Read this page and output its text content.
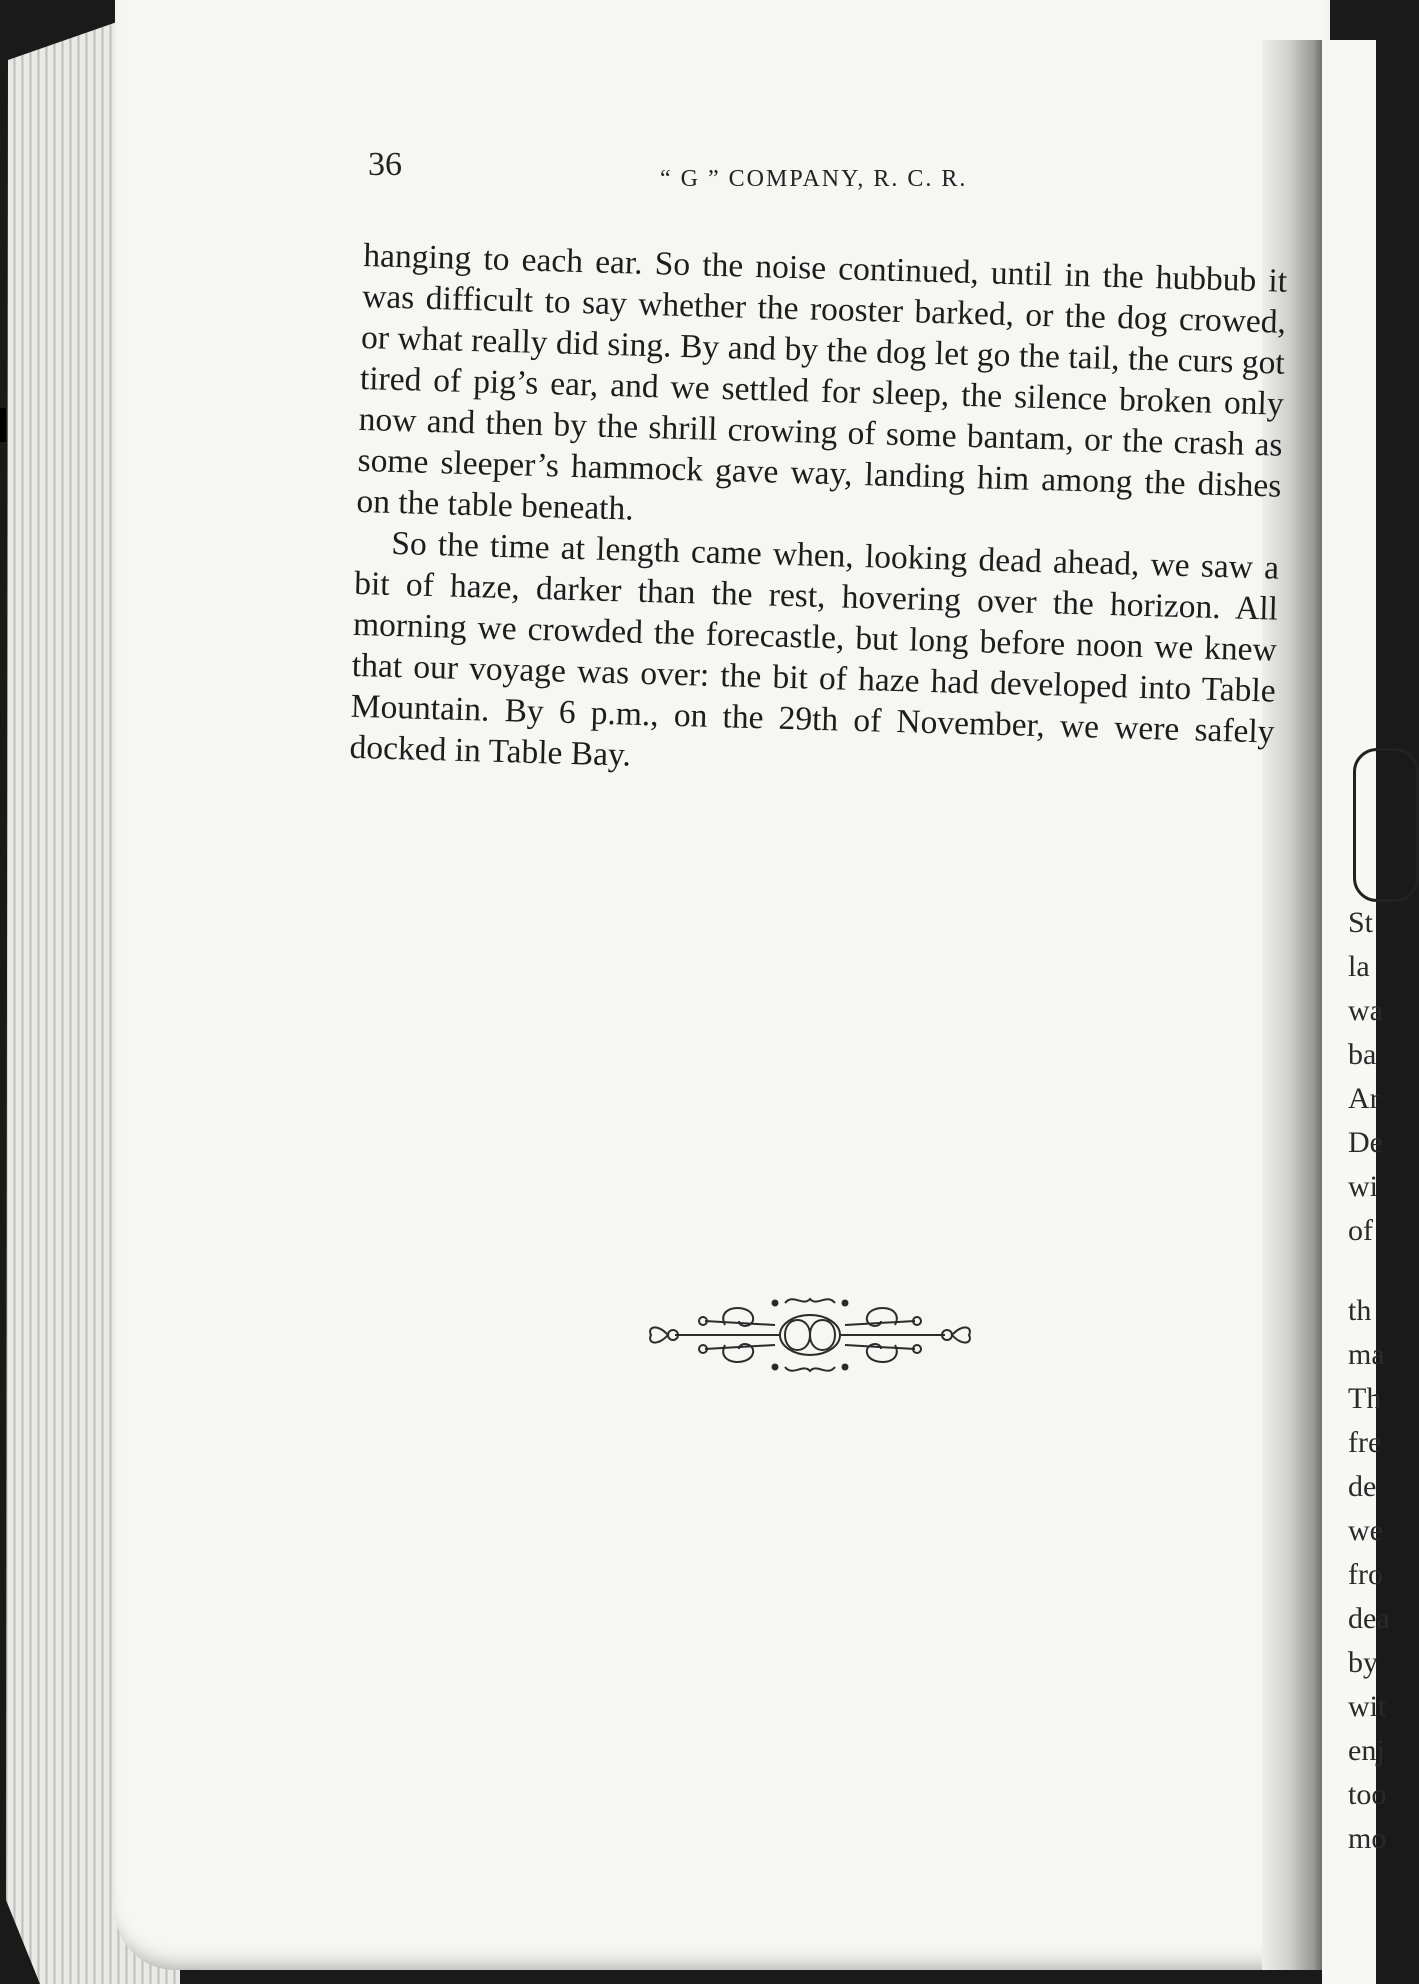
St
la
wa
ba
Ar
De
wi
of
th
ma
Th
fre
de
we
fro
dea
by
wit
enj
too
mo
36	“ G ” COMPANY, R. C. R.

hanging to each ear. So the noise continued, until in the hubbub it was difficult to say whether the rooster barked, or the dog crowed, or what really did sing. By and by the dog let go the tail, the curs got tired of pig’s ear, and we settled for sleep, the silence broken only now and then by the shrill crowing of some bantam, or the crash as some sleeper’s hammock gave way, landing him among the dishes on the table beneath.

So the time at length came when, looking dead ahead, we saw a bit of haze, darker than the rest, hovering over the horizon. All morning we crowded the forecastle, but long before noon we knew that our voyage was over: the bit of haze had developed into Table Mountain. By 6 p.m., on the 29th of November, we were safely docked in Table Bay.
